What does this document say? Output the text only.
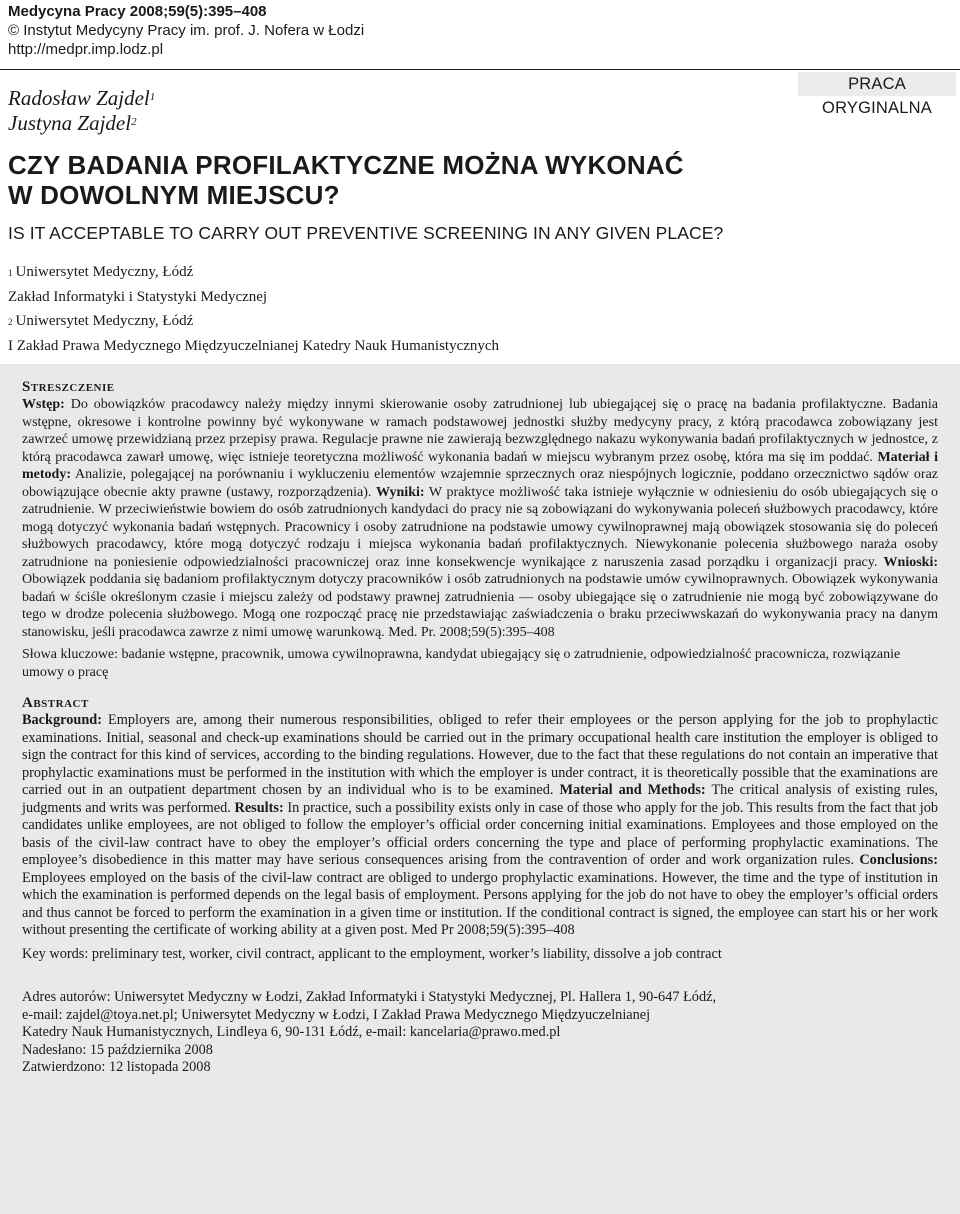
Medycyna Pracy 2008;59(5):395–408
© Instytut Medycyny Pracy im. prof. J. Nofera w Łodzi
http://medpr.imp.lodz.pl
PRACA ORYGINALNA
Radosław Zajdel$^1$
Justyna Zajdel$^2$
CZY BADANIA PROFILAKTYCZNE MOŻNA WYKONAĆ
W DOWOLNYM MIEJSCU?
IS IT ACCEPTABLE TO CARRY OUT PREVENTIVE SCREENING IN ANY GIVEN PLACE?
$^1$ Uniwersytet Medyczny, Łódź
Zakład Informatyki i Statystyki Medycznej
$^2$ Uniwersytet Medyczny, Łódź
I Zakład Prawa Medycznego Międzyuczelnianej Katedry Nauk Humanistycznych
Streszczenie

Wstęp: Do obowiązków pracodawcy należy między innymi skierowanie osoby zatrudnionej lub ubiegającej się o pracę na badania profilaktyczne. Badania wstępne, okresowe i kontrolne powinny być wykonywane w ramach podstawowej jednostki służby medycyny pracy, z którą pracodawca zobowiązany jest zawrzeć umowę przewidzianą przez przepisy prawa. Regulacje prawne nie zawierają bezwzględnego nakazu wykonywania badań profilaktycznych w jednostce, z którą pracodawca zawarł umowę, więc istnieje teoretyczna możliwość wykonania badań w miejscu wybranym przez osobę, która ma się im poddać. Materiał i metody: Analizie, polegającej na porównaniu i wykluczeniu elementów wzajemnie sprzecznych oraz niespójnych logicznie, poddano orzecznictwo sądów oraz obowiązujące obecnie akty prawne (ustawy, rozporządzenia). Wyniki: W praktyce możliwość taka istnieje wyłącznie w odniesieniu do osób ubiegających się o zatrudnienie. W przeciwieństwie bowiem do osób zatrudnionych kandydaci do pracy nie są zobowiązani do wykonywania poleceń służbowych pracodawcy, które mogą dotyczyć wykonania badań wstępnych. Pracownicy i osoby zatrudnione na podstawie umowy cywilnoprawnej mają obowiązek stosowania się do poleceń służbowych pracodawcy, które mogą dotyczyć rodzaju i miejsca wykonania badań profilaktycznych. Niewykonanie polecenia służbowego naraża osoby zatrudnione na poniesienie odpowiedzialności pracowniczej oraz inne konsekwencje wynikające z naruszenia zasad porządku i organizacji pracy. Wnioski: Obowiązek poddania się badaniom profilaktycznym dotyczy pracowników i osób zatrudnionych na podstawie umów cywilnoprawnych. Obowiązek wykonywania badań w ściśle określonym czasie i miejscu zależy od podstawy prawnej zatrudnienia — osoby ubiegające się o zatrudnienie nie mogą być zobowiązywane do tego w drodze polecenia służbowego. Mogą one rozpocząć pracę nie przedstawiając zaświadczenia o braku przeciwwskazań do wykonywania pracy na danym stanowisku, jeśli pracodawca zawrze z nimi umowę warunkową. Med. Pr. 2008;59(5):395–408

Słowa kluczowe: badanie wstępne, pracownik, umowa cywilnoprawna, kandydat ubiegający się o zatrudnienie, odpowiedzialność pracownicza, rozwiązanie umowy o pracę

Abstract

Background: Employers are, among their numerous responsibilities, obliged to refer their employees or the person applying for the job to prophylactic examinations. Initial, seasonal and check-up examinations should be carried out in the primary occupational health care institution the employer is obliged to sign the contract for this kind of services, according to the binding regulations. However, due to the fact that these regulations do not contain an imperative that prophylactic examinations must be performed in the institution with which the employer is under contract, it is theoretically possible that the examinations are carried out in an outpatient department chosen by an individual who is to be examined. Material and Methods: The critical analysis of existing rules, judgments and writs was performed. Results: In practice, such a possibility exists only in case of those who apply for the job. This results from the fact that job candidates unlike employees, are not obliged to follow the employer’s official order concerning initial examinations. Employees and those employed on the basis of the civil-law contract have to obey the employer’s official orders concerning the type and place of performing prophylactic examinations. The employee’s disobedience in this matter may have serious consequences arising from the contravention of order and work organization rules. Conclusions: Employees employed on the basis of the civil-law contract are obliged to undergo prophylactic examinations. However, the time and the type of institution in which the examination is performed depends on the legal basis of employment. Persons applying for the job do not have to obey the employer’s official orders and thus cannot be forced to perform the examination in a given time or institution. If the conditional contract is signed, the employee can start his or her work without presenting the certificate of working ability at a given post. Med Pr 2008;59(5):395–408

Key words: preliminary test, worker, civil contract, applicant to the employment, worker’s liability, dissolve a job contract

Adres autorów: Uniwersytet Medyczny w Łodzi, Zakład Informatyki i Statystyki Medycznej, Pl. Hallera 1, 90-647 Łódź,
e-mail: zajdel@toya.net.pl; Uniwersytet Medyczny w Łodzi, I Zakład Prawa Medycznego Międzyuczelnianej
Katedry Nauk Humanistycznych, Lindleya 6, 90-131 Łódź, e-mail: kancelaria@prawo.med.pl
Nadesłano: 15 października 2008
Zatwierdzono: 12 listopada 2008
